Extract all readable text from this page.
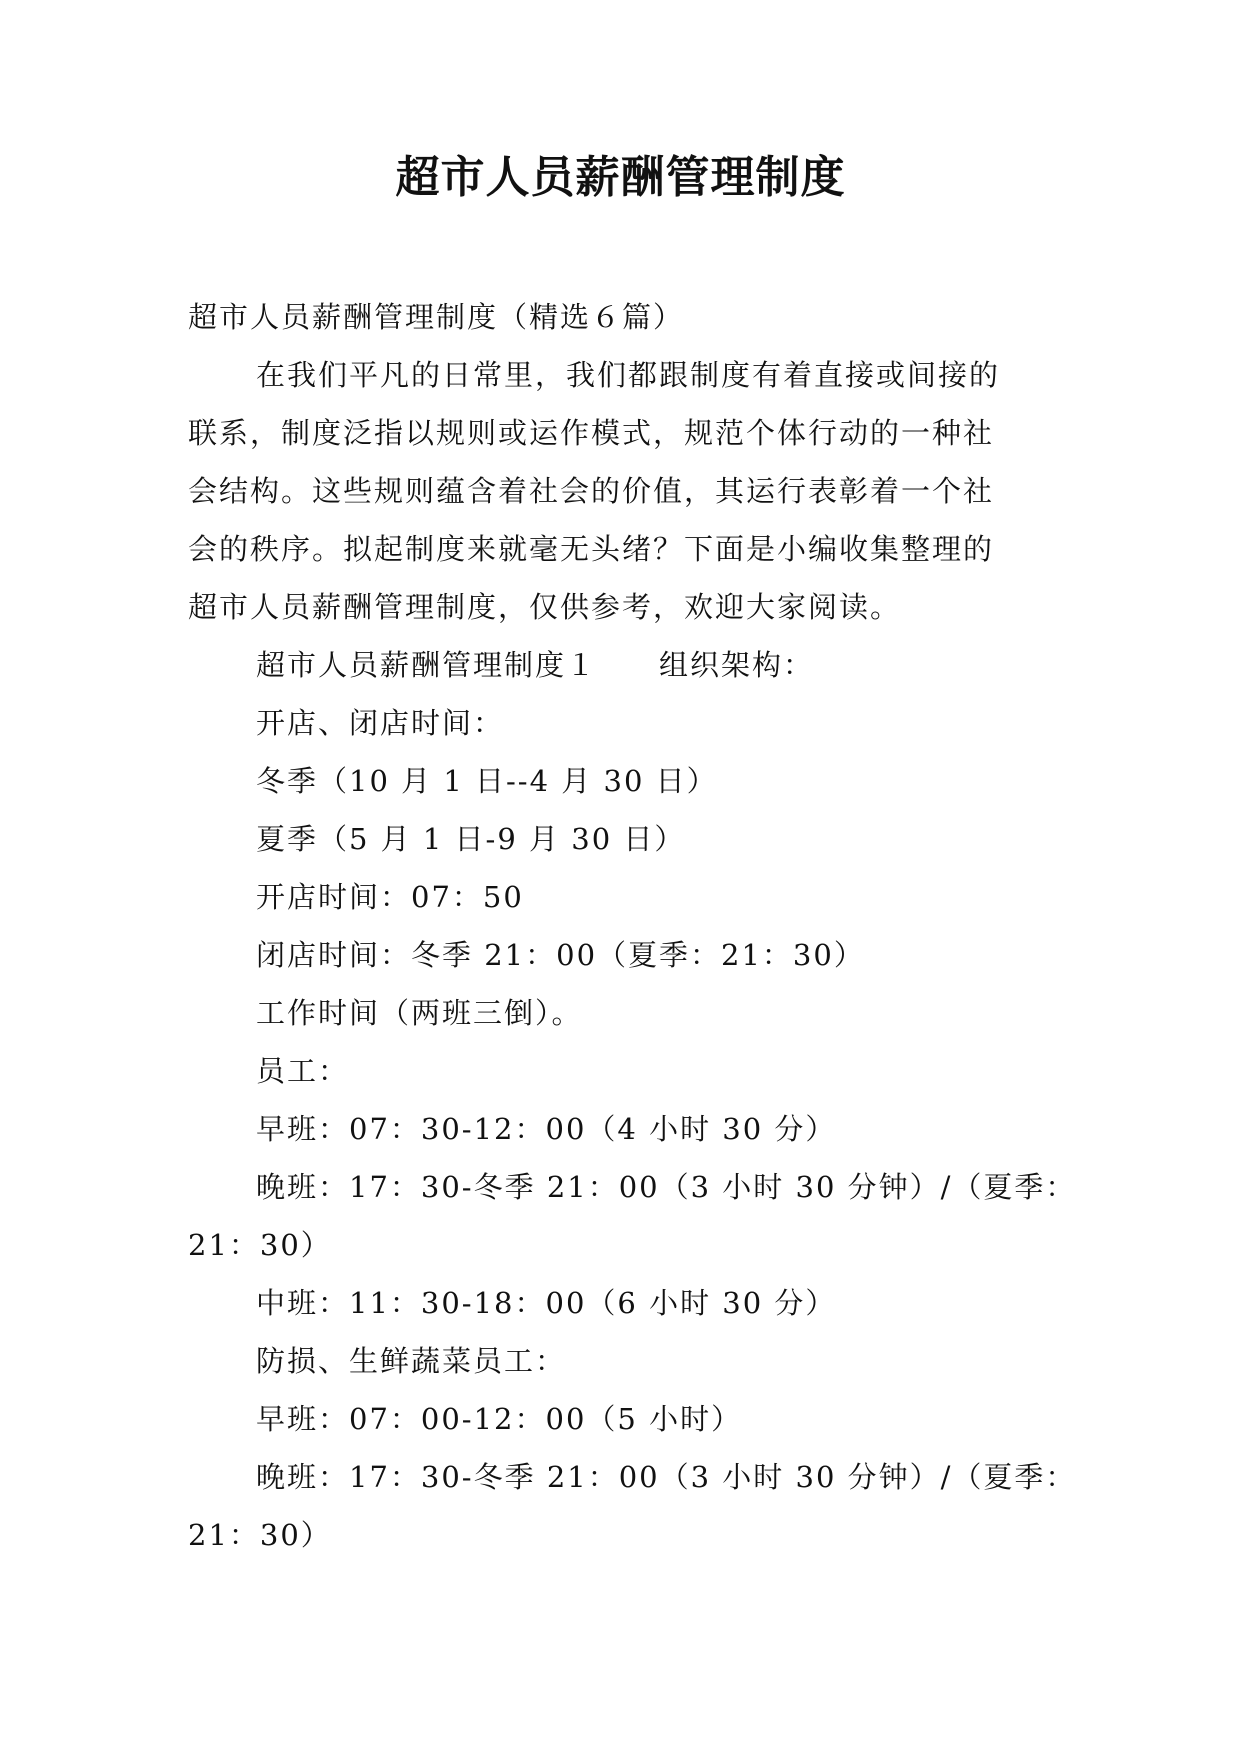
超市人员薪酬管理制度
超市人员薪酬管理制度（精选６篇）
在我们平凡的日常里，我们都跟制度有着直接或间接的
联系，制度泛指以规则或运作模式，规范个体行动的一种社
会结构。这些规则蕴含着社会的价值，其运行表彰着一个社
会的秩序。拟起制度来就毫无头绪？下面是小编收集整理的
超市人员薪酬管理制度，仅供参考，欢迎大家阅读。
超市人员薪酬管理制度１　　组织架构：
开店、闭店时间：
冬季（10 月 1 日--4 月 30 日）
夏季（5 月 1 日-9 月 30 日）
开店时间：07：50
闭店时间：冬季 21：00（夏季：21：30）
工作时间（两班三倒）。
员工：
早班：07：30-12：00（4 小时 30 分）
晚班：17：30-冬季 21：00（3 小时 30 分钟）/（夏季：
21：30）
中班：11：30-18：00（6 小时 30 分）
防损、生鲜蔬菜员工：
早班：07：00-12：00（5 小时）
晚班：17：30-冬季 21：00（3 小时 30 分钟）/（夏季：
21：30）
